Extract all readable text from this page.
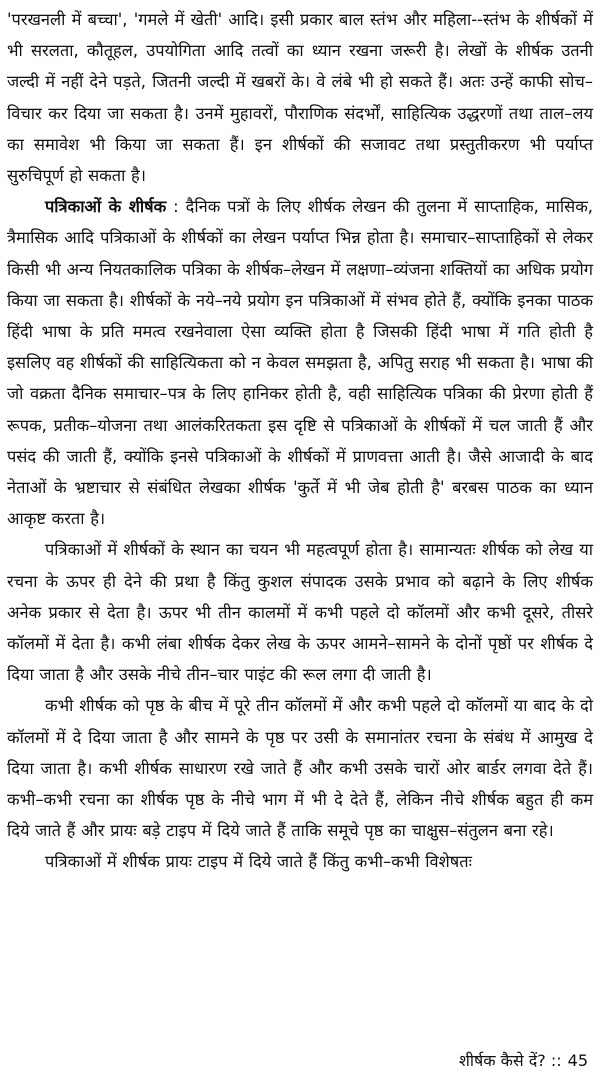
'परखनली में बच्चा', 'गमले में खेती' आदि। इसी प्रकार बाल स्तंभ और महिला--स्तंभ के शीर्षकों में भी सरलता, कौतूहल, उपयोगिता आदि तत्वों का ध्यान रखना जरूरी है। लेखों के शीर्षक उतनी जल्दी में नहीं देने पड़ते, जितनी जल्दी में खबरों के। वे लंबे भी हो सकते हैं। अतः उन्हें काफी सोच–विचार कर दिया जा सकता है। उनमें मुहावरों, पौराणिक संदर्भों, साहित्यिक उद्धरणों तथा ताल–लय का समावेश भी किया जा सकता हैं। इन शीर्षकों की सजावट तथा प्रस्तुतीकरण भी पर्याप्त सुरुचिपूर्ण हो सकता है।

पत्रिकाओं के शीर्षक : दैनिक पत्रों के लिए शीर्षक लेखन की तुलना में साप्ताहिक, मासिक, त्रैमासिक आदि पत्रिकाओं के शीर्षकों का लेखन पर्याप्त भिन्न होता है। समाचार–साप्ताहिकों से लेकर किसी भी अन्य नियतकालिक पत्रिका के शीर्षक–लेखन में लक्षणा–व्यंजना शक्तियों का अधिक प्रयोग किया जा सकता है। शीर्षकों के नये–नये प्रयोग इन पत्रिकाओं में संभव होते हैं, क्योंकि इनका पाठक हिंदी भाषा के प्रति ममत्व रखनेवाला ऐसा व्यक्ति होता है जिसकी हिंदी भाषा में गति होती है इसलिए वह शीर्षकों की साहित्यिकता को न केवल समझता है, अपितु सराह भी सकता है। भाषा की जो वक्रता दैनिक समाचार–पत्र के लिए हानिकर होती है, वही साहित्यिक पत्रिका की प्रेरणा होती हैं रूपक, प्रतीक–योजना तथा आलंकरितकता इस दृष्टि से पत्रिकाओं के शीर्षकों में चल जाती हैं और पसंद की जाती हैं, क्योंकि इनसे पत्रिकाओं के शीर्षकों में प्राणवत्ता आती है। जैसे आजादी के बाद नेताओं के भ्रष्टाचार से संबंधित लेखका शीर्षक 'कुर्ते में भी जेब होती है' बरबस पाठक का ध्यान आकृष्ट करता है।

पत्रिकाओं में शीर्षकों के स्थान का चयन भी महत्वपूर्ण होता है। सामान्यतः शीर्षक को लेख या रचना के ऊपर ही देने की प्रथा है किंतु कुशल संपादक उसके प्रभाव को बढ़ाने के लिए शीर्षक अनेक प्रकार से देता है। ऊपर भी तीन कालमों में कभी पहले दो कॉलमों और कभी दूसरे, तीसरे कॉलमों में देता है। कभी लंबा शीर्षक देकर लेख के ऊपर आमने–सामने के दोनों पृष्ठों पर शीर्षक दे दिया जाता है और उसके नीचे तीन–चार पाइंट की रूल लगा दी जाती है।

कभी शीर्षक को पृष्ठ के बीच में पूरे तीन कॉलमों में और कभी पहले दो कॉलमों या बाद के दो कॉलमों में दे दिया जाता है और सामने के पृष्ठ पर उसी के समानांतर रचना के संबंध में आमुख दे दिया जाता है। कभी शीर्षक साधारण रखे जाते हैं और कभी उसके चारों ओर बार्डर लगवा देते हैं। कभी–कभी रचना का शीर्षक पृष्ठ के नीचे भाग में भी दे देते हैं, लेकिन नीचे शीर्षक बहुत ही कम दिये जाते हैं और प्रायः बड़े टाइप में दिये जाते हैं ताकि समूचे पृष्ठ का चाक्षुस–संतुलन बना रहे।

पत्रिकाओं में शीर्षक प्रायः टाइप में दिये जाते हैं किंतु कभी–कभी विशेषतः

शीर्षक कैसे दें? :: 45
